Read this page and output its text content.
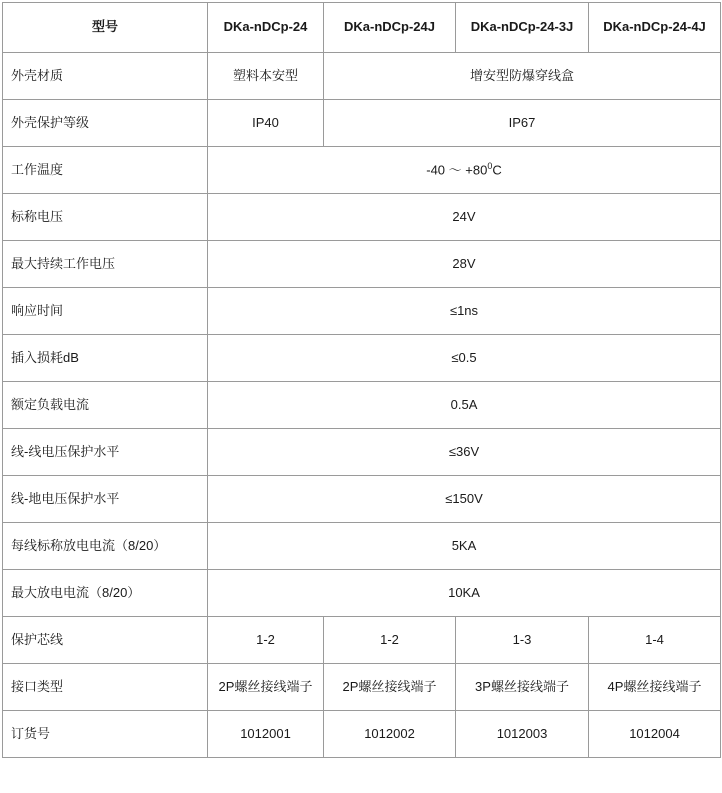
型号	DKa-nDCp-24	DKa-nDCp-24J	DKa-nDCp-24-3J	DKa-nDCp-24-4J
外壳材质	塑料本安型	增安型防爆穿线盒		
外壳保护等级	IP40	IP67		
工作温度	-40 ～ $+80^0C$			
标称电压	24V			
最大持续工作电压	28V			
响应时间	≤1ns			
插入损耗dB	≤0.5			
额定负载电流	0.5A			
线-线电压保护水平	≤36V			
线-地电压保护水平	≤150V			
每线标称放电电流（8/20）	5KA			
最大放电电流（8/20）	10KA			
保护芯线	1-2	1-2	1-3	1-4
接口类型	2P螺丝接线端子	2P螺丝接线端子	3P螺丝接线端子	4P螺丝接线端子
订货号	1012001	1012002	1012003	1012004
